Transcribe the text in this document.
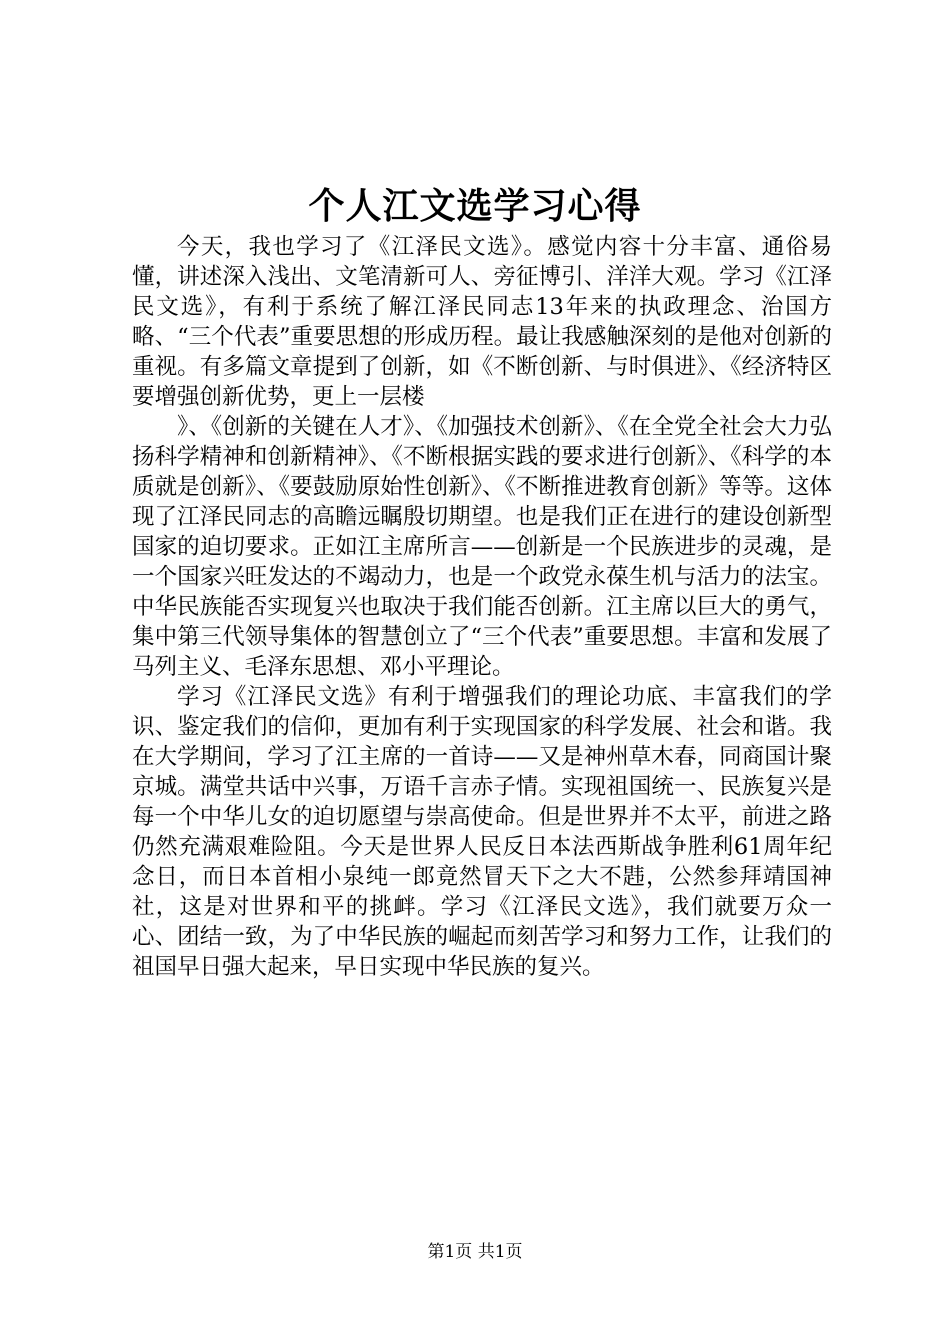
个人江文选学习心得

今天，我也学习了《江泽民文选》。感觉内容十分丰富、通俗易懂，讲述深入浅出、文笔清新可人、旁征博引、洋洋大观。学习《江泽民文选》，有利于系统了解江泽民同志13年来的执政理念、治国方略、“三个代表”重要思想的形成历程。最让我感触深刻的是他对创新的重视。有多篇文章提到了创新，如《不断创新、与时俱进》、《经济特区要增强创新优势，更上一层楼

》、《创新的关键在人才》、《加强技术创新》、《在全党全社会大力弘扬科学精神和创新精神》、《不断根据实践的要求进行创新》、《科学的本质就是创新》、《要鼓励原始性创新》、《不断推进教育创新》等等。这体现了江泽民同志的高瞻远瞩殷切期望。也是我们正在进行的建设创新型国家的迫切要求。正如江主席所言——创新是一个民族进步的灵魂，是一个国家兴旺发达的不竭动力，也是一个政党永葆生机与活力的法宝。中华民族能否实现复兴也取决于我们能否创新。江主席以巨大的勇气，集中第三代领导集体的智慧创立了“三个代表”重要思想。丰富和发展了马列主义、毛泽东思想、邓小平理论。

学习《江泽民文选》有利于增强我们的理论功底、丰富我们的学识、鉴定我们的信仰，更加有利于实现国家的科学发展、社会和谐。我在大学期间，学习了江主席的一首诗——又是神州草木春，同商国计聚京城。满堂共话中兴事，万语千言赤子情。实现祖国统一、民族复兴是每一个中华儿女的迫切愿望与崇高使命。但是世界并不太平，前进之路仍然充满艰难险阻。今天是世界人民反日本法西斯战争胜利61周年纪念日，而日本首相小泉纯一郎竟然冒天下之大不韪，公然参拜靖国神社，这是对世界和平的挑衅。学习《江泽民文选》，我们就要万众一心、团结一致，为了中华民族的崛起而刻苦学习和努力工作，让我们的祖国早日强大起来，早日实现中华民族的复兴。

第1页 共1页
